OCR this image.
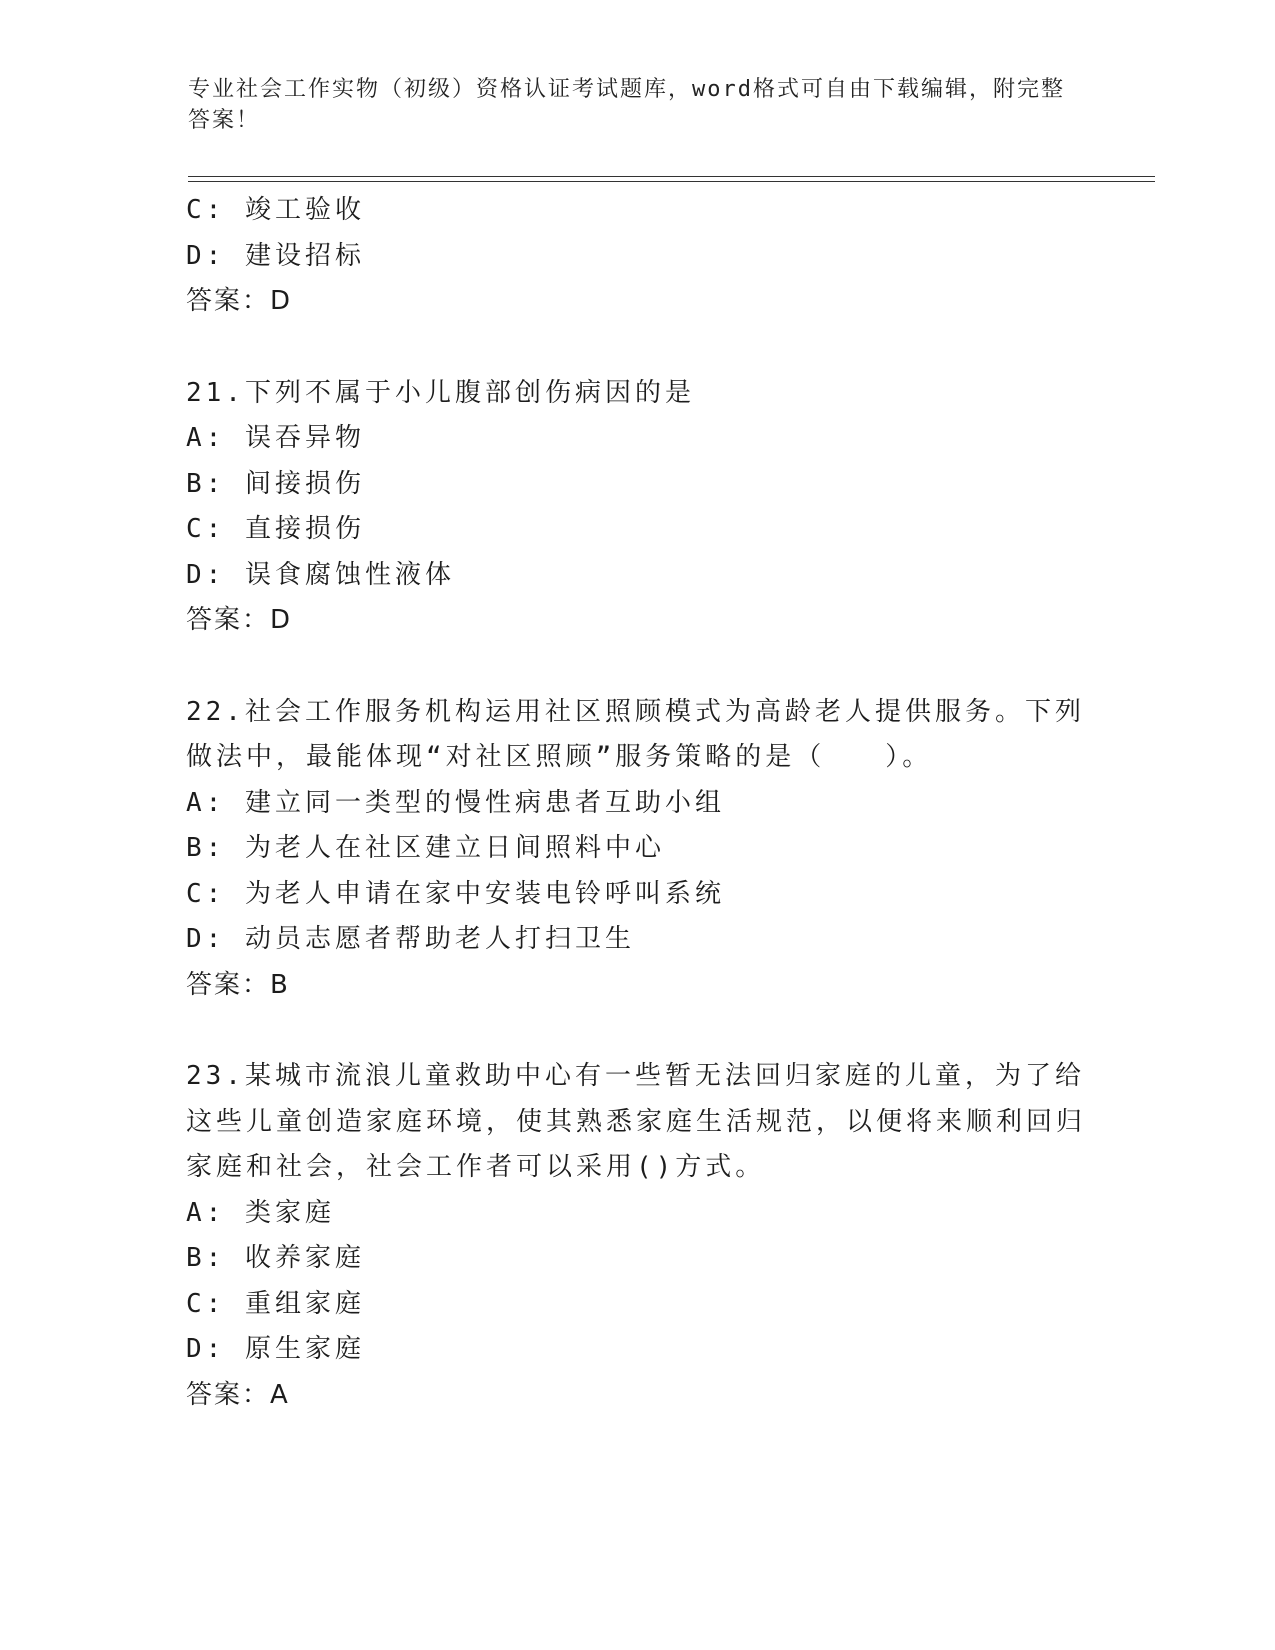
专业社会工作实物（初级）资格认证考试题库，word格式可自由下载编辑，附完整答案！
C: 竣工验收
D: 建设招标
答案：D
21.下列不属于小儿腹部创伤病因的是
A: 误吞异物
B: 间接损伤
C: 直接损伤
D: 误食腐蚀性液体
答案：D
22.社会工作服务机构运用社区照顾模式为高龄老人提供服务。下列做法中，最能体现“对社区照顾”服务策略的是（　　）。
A: 建立同一类型的慢性病患者互助小组
B: 为老人在社区建立日间照料中心
C: 为老人申请在家中安装电铃呼叫系统
D: 动员志愿者帮助老人打扫卫生
答案：B
23.某城市流浪儿童救助中心有一些暂无法回归家庭的儿童，为了给这些儿童创造家庭环境，使其熟悉家庭生活规范，以便将来顺利回归家庭和社会，社会工作者可以采用()方式。
A: 类家庭
B: 收养家庭
C: 重组家庭
D: 原生家庭
答案：A
